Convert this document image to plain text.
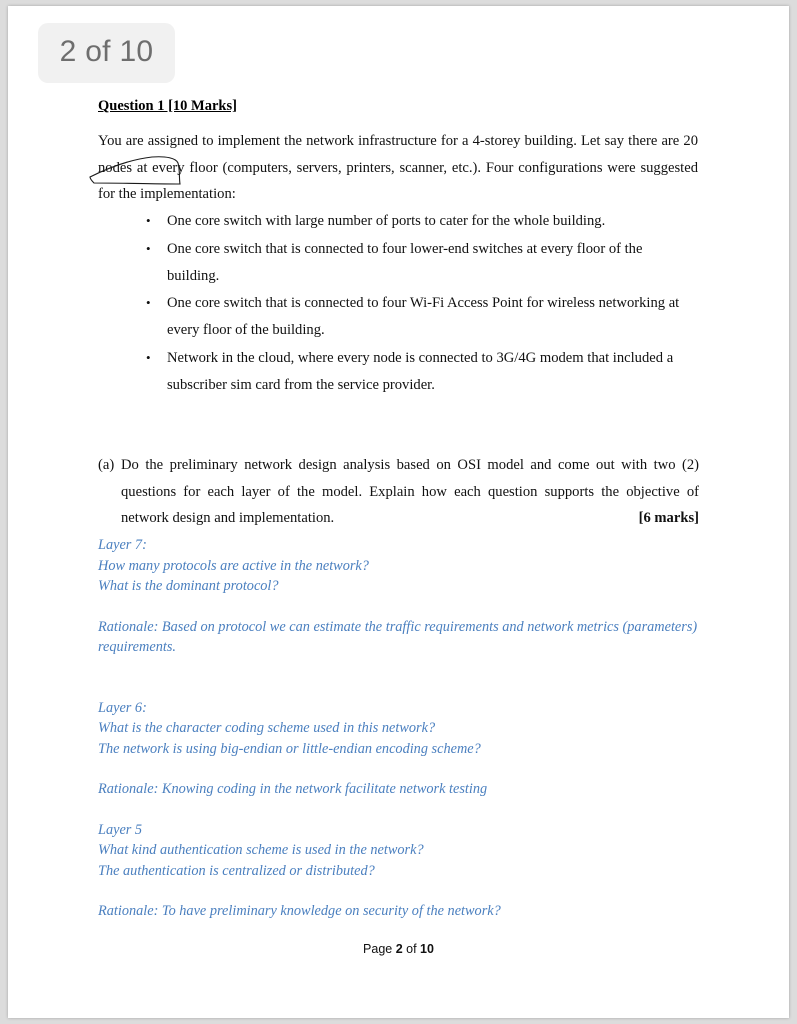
2 of 10
Question 1 [10 Marks]
You are assigned to implement the network infrastructure for a 4-storey building. Let say there are 20 nodes at every floor (computers, servers, printers, scanner, etc.). Four configurations were suggested for the implementation:
• One core switch with large number of ports to cater for the whole building.
• One core switch that is connected to four lower-end switches at every floor of the building.
• One core switch that is connected to four Wi-Fi Access Point for wireless networking at every floor of the building.
• Network in the cloud, where every node is connected to 3G/4G modem that included a subscriber sim card from the service provider.
(a) Do the preliminary network design analysis based on OSI model and come out with two (2) questions for each layer of the model. Explain how each question supports the objective of network design and implementation.	[6 marks]

Layer 7:

How many protocols are active in the network?

What is the dominant protocol?

Rationale: Based on protocol we can estimate the traffic requirements and network metrics (parameters) requirements.

Layer 6:

What is the character coding scheme used in this network?

The network is using big-endian or little-endian encoding scheme?

Rationale: Knowing coding in the network facilitate network testing

Layer 5

What kind authentication scheme is used in the network?

The authentication is centralized or distributed?

Rationale: To have preliminary knowledge on security of the network?

Page 2 of 10
